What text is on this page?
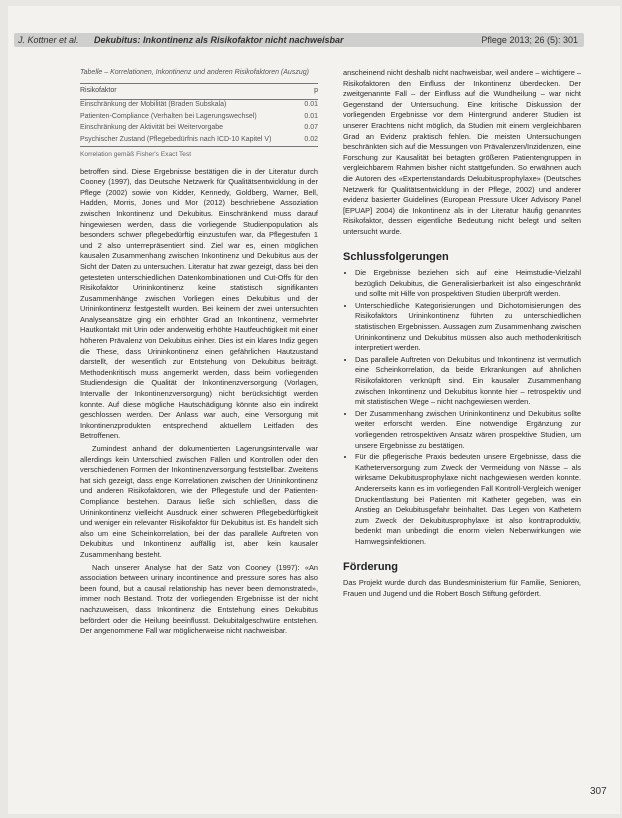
J. Kottner et al. Dekubitus: Inkontinenz als Risikofaktor nicht nachweisbar	Pflege 2013; 26 (5): 301
Tabelle – Korrelationen, Inkontinenz und anderen Risikofaktoren (Auszug)
Risikofaktor	p
Einschränkung der Mobilität (Braden Subskala)	0.01
Patienten-Compliance (Verhalten bei Lagerungswechsel)	0.01
Einschränkung der Aktivität bei Weitervorgabe	0.07
Psychischer Zustand (Pflegebedürfnis nach ICD-10 Kapitel V)	0.02
Korrelation gemäß Fisher's Exact Test

betroffen sind. Diese Ergebnisse bestätigen die in der Literatur durch Cooney (1997), das Deutsche Netzwerk für Qualitätsentwicklung in der Pflege (2002) sowie von Kidder, Kennedy, Goldberg, Warner, Bell, Hadden, Morris, Jones und Mor (2012) beschriebene Assoziation zwischen Inkontinenz und Dekubitus. Einschränkend muss darauf hingewiesen werden, dass die vorliegende Studienpopulation als besonders schwer pflegebedürftig einzustufen war, da Pflegestufen 1 und 2 also unterrepräsentiert sind. Ziel war es, einen möglichen kausalen Zusammenhang zwischen Inkontinenz und Dekubitus aus der Sicht der Daten zu untersuchen. Literatur hat zwar gezeigt, dass bei den getesteten unterschiedlichen Datenkombinationen und Cut-Offs für den Risikofaktor Urininkontinenz keine statistisch signifikanten Zusammenhänge zwischen Vorliegen eines Dekubitus und der Urininkontinenz festgestellt wurden. Bei keinem der zwei untersuchten Analyseansätze ging ein erhöhter Grad an Inkontinenz, vermehrter Hautkontakt mit Urin oder anderweitig erhöhte Hautfeuchtigkeit mit einer höheren Prävalenz von Dekubitus einher. Dies ist ein klares Indiz gegen die These, dass Urininkontinenz einen gefährlichen Hautzustand darstellt, der wesentlich zur Entstehung von Dekubitus beiträgt. Methodenkritisch muss angemerkt werden, dass beim vorliegenden Studiendesign die Qualität der Inkontinenzversorgung (Vorlagen, Intervalle der Inkontinenzversorgung) nicht berücksichtigt werden konnte. Auf diese mögliche Hautschädigung könnte also ein indirekt geschlossen werden. Der Anlass war auch, eine Versorgung mit Inkontinenzprodukten entsprechend aktuellem Leitfaden des Betroffenen.

Zumindest anhand der dokumentierten Lagerungsintervalle war allerdings kein Unterschied zwischen Fällen und Kontrollen oder den verschiedenen Formen der Inkontinenzversorgung feststellbar. Zweitens hat sich gezeigt, dass enge Korrelationen zwischen der Urininkontinenz und anderen Risikofaktoren, wie der Pflegestufe und der Patienten-Compliance bestehen. Daraus ließe sich schließen, dass die Urininkontinenz vielleicht Ausdruck einer schweren Pflegebedürftigkeit und weniger ein relevanter Risikofaktor für Dekubitus ist. Es handelt sich also um eine Scheinkorrelation, bei der das parallele Auftreten von Dekubitus und Inkontinenz auffällig ist, aber kein kausaler Zusammenhang besteht.

Nach unserer Analyse hat der Satz von Cooney (1997): «An association between urinary incontinence and pressure sores has also been found, but a causal relationship has never been demonstrated», immer noch Bestand. Trotz der vorliegenden Ergebnisse ist der nicht nachzuweisen, dass Inkontinenz die Entstehung eines Dekubitus befördert oder die Heilung beeinflusst. Dekubitalgeschwüre entstehen. Der angenommene Fall war möglicherweise nicht nachweisbar.

anscheinend nicht deshalb nicht nachweisbar, weil andere – wichtigere – Risikofaktoren den Einfluss der Inkontinenz überdecken. Der zweitgenannte Fall – der Einfluss auf die Wundheilung – war nicht Gegenstand der Untersuchung. Eine kritische Diskussion der vorliegenden Ergebnisse vor dem Hintergrund anderer Studien ist unserer Erachtens nicht möglich, da Studien mit einem vergleichbaren Grad an Evidenz praktisch fehlen. Die meisten Untersuchungen beschränkten sich auf die Messungen von Prävalenzen/Inzidenzen, eine Forschung zur Kausalität bei betagten größeren Patientengruppen in vergleichbarem Rahmen bisher nicht stattgefunden. So erwähnen auch die Autoren des «Expertenstandards Dekubitusprophylaxe» (Deutsches Netzwerk für Qualitätsentwicklung in der Pflege, 2002) und anderer evidenz basierter Guidelines (European Pressure Ulcer Advisory Panel [EPUAP] 2004) die Inkontinenz als in der Literatur häufig genanntes Risikofaktor, dessen eigentliche Bedeutung nicht belegt und selten untersucht wurde.

Schlussfolgerungen
• Die Ergebnisse beziehen sich auf eine Heimstudie-Vielzahl bezüglich Dekubitus, die Generalisierbarkeit ist also eingeschränkt und sollte mit Hilfe von prospektiven Studien überprüft werden.
• Unterschiedliche Kategorisierungen und Dichotomisierungen des Risikofaktors Urininkontinenz führten zu unterschiedlichen statistischen Ergebnissen. Aussagen zum Zusammenhang zwischen Urininkontinenz und Dekubitus müssen also auch methodenkritisch interpretiert werden.
• Das parallele Auftreten von Dekubitus und Inkontinenz ist vermutlich eine Scheinkorrelation, da beide Erkrankungen auf ähnlichen Risikofaktoren verknüpft sind. Ein kausaler Zusammenhang zwischen Inkontinenz und Dekubitus konnte hier – retrospektiv und mit statistischen Wege – nicht nachgewiesen werden.
• Der Zusammenhang zwischen Urininkontinenz und Dekubitus sollte weiter erforscht werden. Eine notwendige Ergänzung zur vorliegenden retrospektiven Ansatz wären prospektive Studien, um unsere Ergebnisse zu bestätigen.
• Für die pflegerische Praxis bedeuten unsere Ergebnisse, dass die Katheterversorgung zum Zweck der Vermeidung von Nässe – als wirksame Dekubitusprophylaxe nicht nachgewiesen werden konnte. Andererseits kann es im vorliegenden Fall Kontroll-Vergleich weniger Druckentlastung bei Patienten mit Katheter gegeben, was ein Anstieg an Dekubitusgefahr beinhaltet. Das Legen von Kathetern zum Zweck der Dekubitusprophylaxe ist also kontraproduktiv, bedenkt man unbedingt die enorm vielen Nebenwirkungen wie Harnwegsinfektionen.
Förderung

Das Projekt wurde durch das Bundesministerium für Familie, Senioren, Frauen und Jugend und die Robert Bosch Stiftung gefördert.

307
